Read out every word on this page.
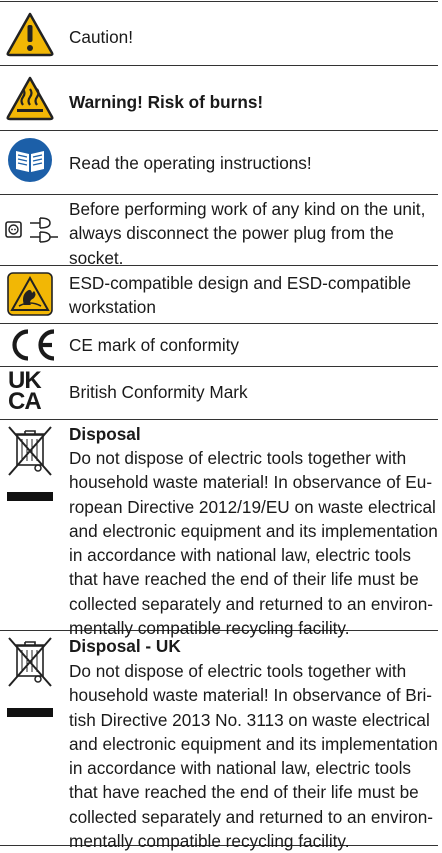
Caution!
Warning! Risk of burns!
Read the operating instructions!
Before performing work of any kind on the unit,
always disconnect the power plug from the
socket.
ESD-compatible design and ESD-compatible
workstation
CE mark of conformity
UK
CA British Conformity Mark
Disposal
Do not dispose of electric tools together with
household waste material! In observance of Eu-
ropean Directive 2012/19/EU on waste electrical
and electronic equipment and its implementation
in accordance with national law, electric tools
that have reached the end of their life must be
collected separately and returned to an environ-
mentally compatible recycling facility.
Disposal - UK
Do not dispose of electric tools together with
household waste material! In observance of Bri-
tish Directive 2013 No. 3113 on waste electrical
and electronic equipment and its implementation
in accordance with national law, electric tools
that have reached the end of their life must be
collected separately and returned to an environ-
mentally compatible recycling facility.
